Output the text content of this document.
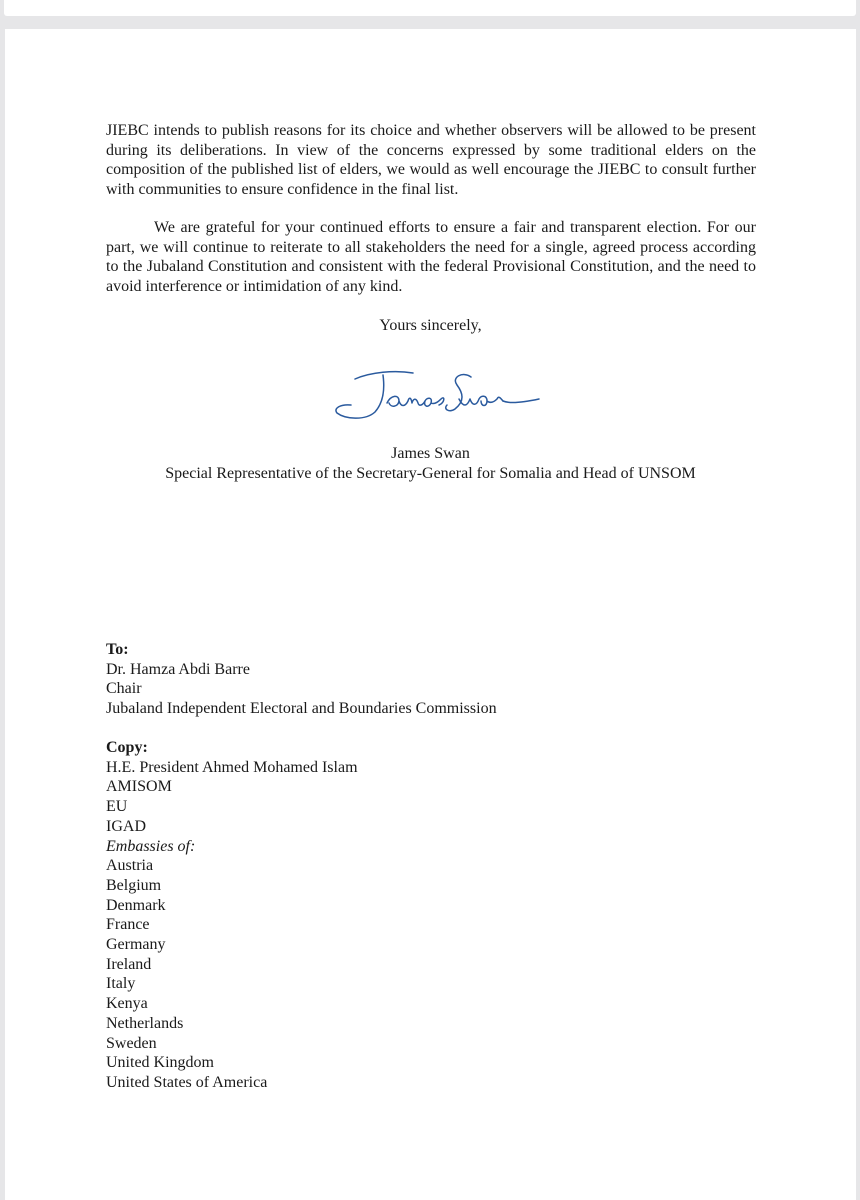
JIEBC intends to publish reasons for its choice and whether observers will be allowed to be present during its deliberations. In view of the concerns expressed by some traditional elders on the composition of the published list of elders, we would as well encourage the JIEBC to consult further with communities to ensure confidence in the final list.

We are grateful for your continued efforts to ensure a fair and transparent election. For our part, we will continue to reiterate to all stakeholders the need for a single, agreed process according to the Jubaland Constitution and consistent with the federal Provisional Constitution, and the need to avoid interference or intimidation of any kind.

Yours sincerely,
James Swan
Special Representative of the Secretary-General for Somalia and Head of UNSOM
To:
Dr. Hamza Abdi Barre
Chair
Jubaland Independent Electoral and Boundaries Commission
Copy:
H.E. President Ahmed Mohamed Islam
AMISOM
EU
IGAD
Embassies of:
Austria
Belgium
Denmark
France
Germany
Ireland
Italy
Kenya
Netherlands
Sweden
United Kingdom
United States of America
